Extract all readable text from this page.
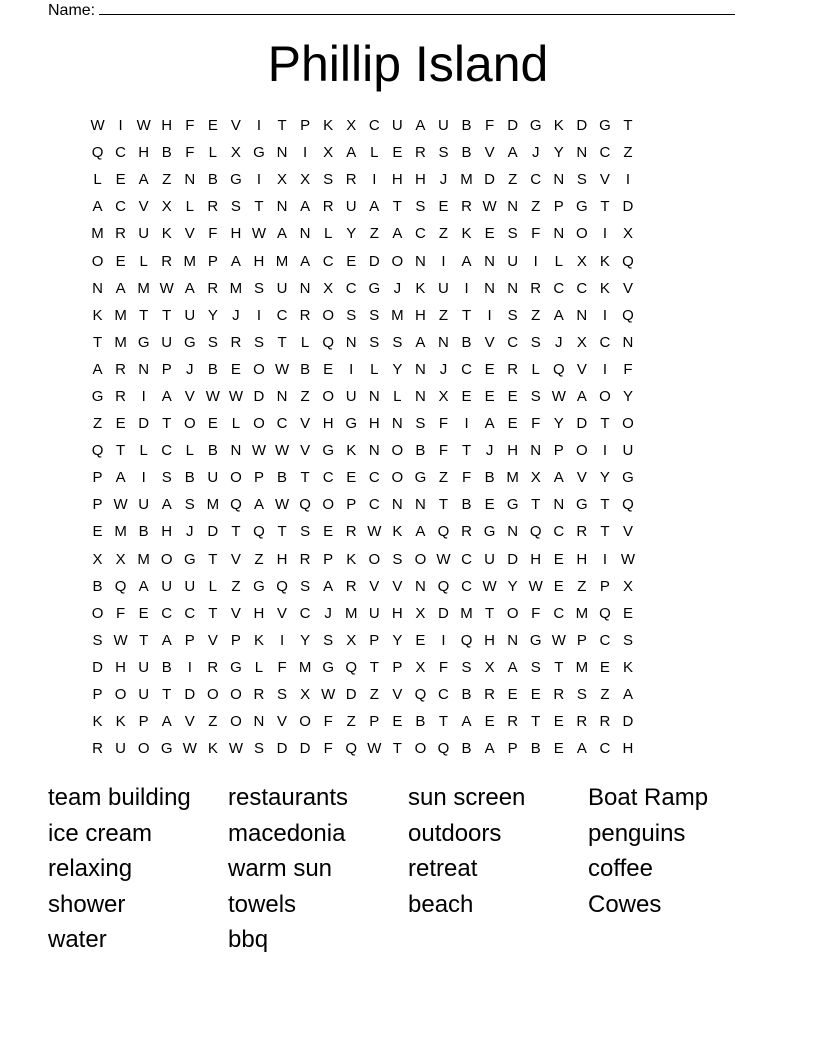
Name:
Phillip Island
W I W H F E V	I	T P K X C U A U B F D G K D G T
Q C H B F L X G N	I	X A L E R S B V A J Y N C Z
L E A Z N B G	I	X X S R	I	H H J M D Z C N S V	I
A C V X L R S T N A R U A T S E R W N Z P G T D
M R U K V F H W A N L Y Z A C Z K E S F N O	I	X
O E L R M P A H M A C E D O N	I	A N U	I	L X K Q
N A M W A R M S U N X C G J K U	I	N N R C C K V
K M T T U Y J	I	C R O S S M H Z T	I	S Z A N	I	Q
T M G U G S R S T L Q N S S A N B V C S J X C N
A R N P J B E O W B E	I	L Y N J C E R L Q V	I	F
G R	I	A V W W D N Z O U N L N X E E E S W A O Y
Z E D T O E L O C V H G H N S F	I	A E F Y D T O
Q T L C L B N W W V G K N O B F T J H N P O	I	U
P A	I	S B U O P B T C E C O G Z F B M X A V Y G
P W U A S M Q A W Q O P C N N T B E G T N G T Q
E M B H J D T Q T S E R W K A Q R G N Q C R T V
X X M O G T V Z H R P K O S O W C U D H E H	I W
B Q A U U L Z G Q S A R V V N Q C W Y W E Z P X
O F E C C T V H V C J M U H X D M T O F C M Q E
S W T A P V P K	I	Y S X P Y E	I	Q H N G W P C S
D H U B	I	R G L F M G Q T P X F S X A S T M E K
P O U T D O O R S X W D Z V Q C B R E E R S Z A
K K P A V Z O N V O F Z P E B T A E R T E R R D
R U O G W K W S D D F Q W T O Q B A P B E A C H
team building	restaurants	sun screen	Boat Ramp
ice cream	macedonia	outdoors	penguins
relaxing	warm sun	retreat	coffee
shower	towels	beach	Cowes
water	bbq
